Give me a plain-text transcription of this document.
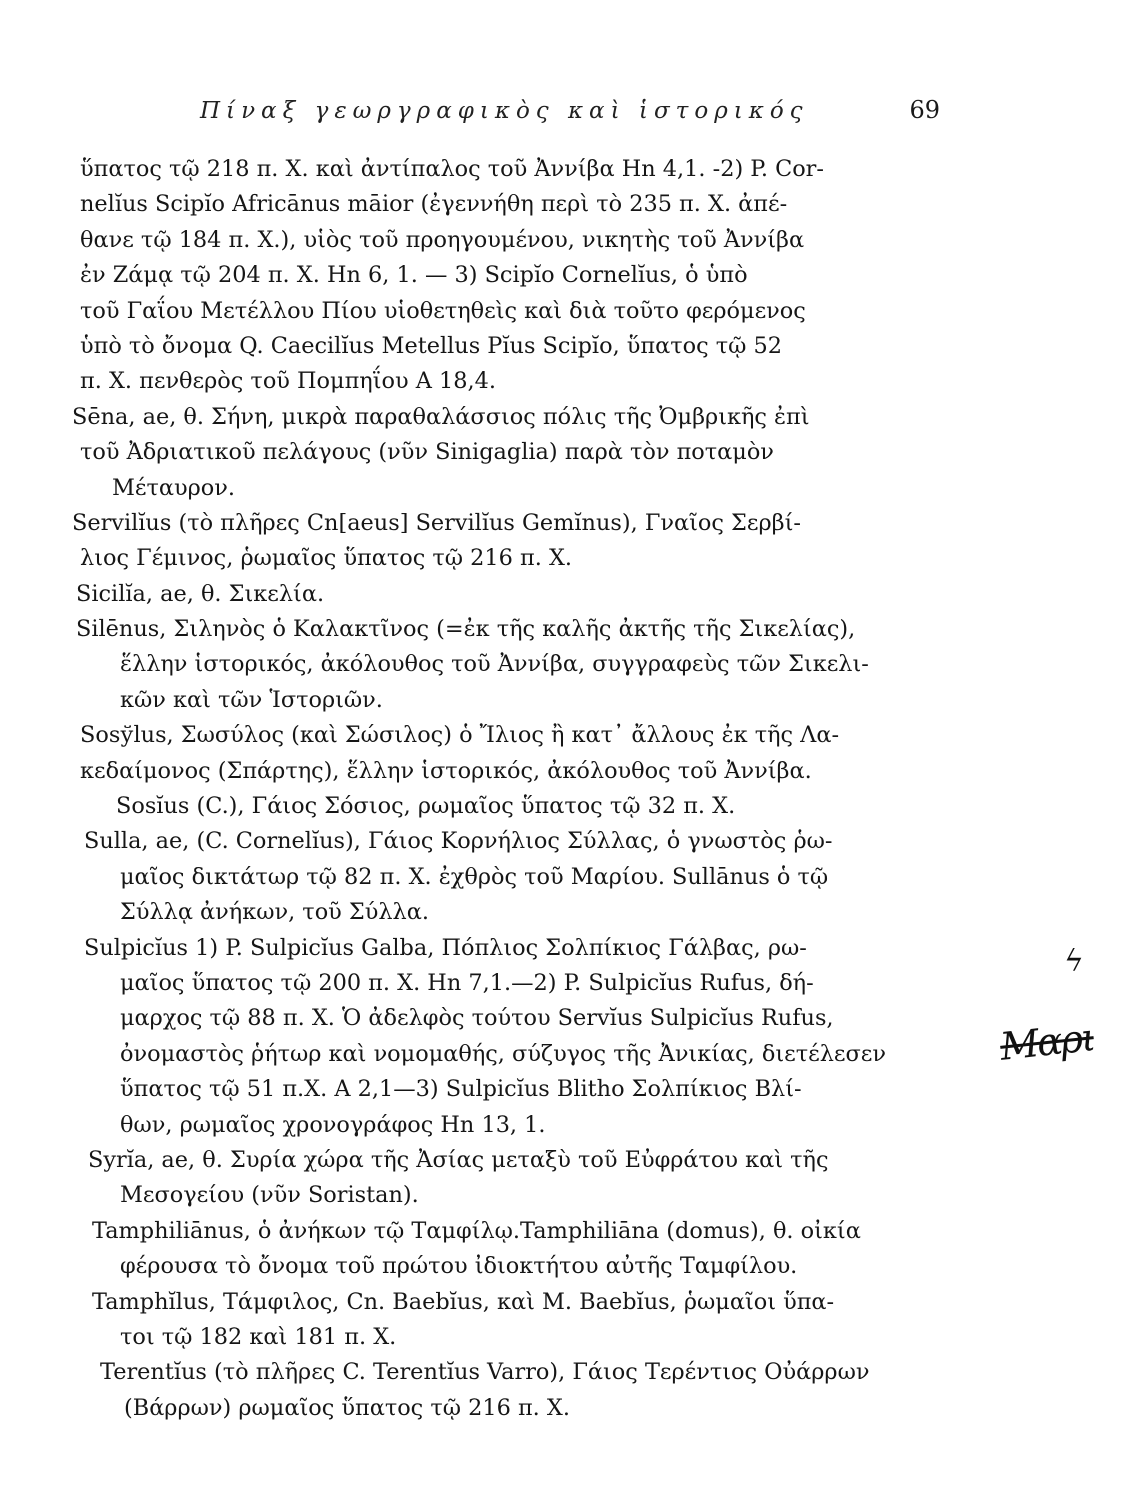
Πίναξ γεωργραφικὸς καὶ ἱστορικός	69
ὕπατος τῷ 218 π. Χ. καὶ ἀντίπαλος τοῦ Ἀννίβα Hn 4,1. -2) P. Cor-
nelĭus Scipĭo Africānus māior (ἐγεννήθη περὶ τὸ 235 π. Χ. ἀπέ-
θανε τῷ 184 π. Χ.), υἱὸς τοῦ προηγουμένου, νικητὴς τοῦ Ἀννίβα
ἐν Ζάμᾳ τῷ 204 π. Χ. Hn 6, 1. — 3) Scipĭo Cornelĭus, ὁ ὑπὸ
τοῦ Γαΐου Μετέλλου Πίου υἱοθετηθεὶς καὶ διὰ τοῦτο φερόμενος
ὑπὸ τὸ ὄνομα Q. Caecilĭus Metellus Pĭus Scipĭo, ὕπατος τῷ 52
π. Χ. πενθερὸς τοῦ Πομπηΐου A 18,4.
Sēna, ae, θ. Σήνη, μικρὰ παραθαλάσσιος πόλις τῆς Ὀμβρικῆς ἐπὶ
τοῦ Ἀδριατικοῦ πελάγους (νῦν Sinigaglia) παρὰ τὸν ποταμὸν
Μέταυρον.
Servilĭus (τὸ πλῆρες Cn[aeus] Servilĭus Gemĭnus), Γναῖος Σερβί-
λιος Γέμινος, ῥωμαῖος ὕπατος τῷ 216 π. Χ.
Sicilĭa, ae, θ. Σικελία.
Silēnus, Σιληνὸς ὁ Καλακτῖνος (=ἐκ τῆς καλῆς ἀκτῆς τῆς Σικελίας),
ἕλλην ἱστορικός, ἀκόλουθος τοῦ Ἀννίβα, συγγραφεὺς τῶν Σικελι-
κῶν καὶ τῶν Ἱστοριῶν.
Sosўlus, Σωσύλος (καὶ Σώσιλος) ὁ Ἴλιος ἢ κατ᾽ ἄλλους ἐκ τῆς Λα-
κεδαίμονος (Σπάρτης), ἕλλην ἱστορικός, ἀκόλουθος τοῦ Ἀννίβα.
Sosĭus (C.), Γάιος Σόσιος, ρωμαῖος ὕπατος τῷ 32 π. Χ.
Sulla, ae, (C. Cornelĭus), Γάιος Κορνήλιος Σύλλας, ὁ γνωστὸς ῥω-
μαῖος δικτάτωρ τῷ 82 π. Χ. ἐχθρὸς τοῦ Μαρίου. Sullānus ὁ τῷ
Σύλλᾳ ἀνήκων, τοῦ Σύλλα.
Sulpicĭus 1) P. Sulpicĭus Galba, Πόπλιος Σολπίκιος Γάλβας, ρω-
μαῖος ὕπατος τῷ 200 π. Χ. Hn 7,1.—2) P. Sulpicĭus Rufus, δή-
μαρχος τῷ 88 π. Χ. Ὁ ἀδελφὸς τούτου Servĭus Sulpicĭus Rufus,
ὀνομαστὸς ῥήτωρ καὶ νομομαθής, σύζυγος τῆς Ἀνικίας, διετέλεσεν
ὕπατος τῷ 51 π.Χ. A 2,1—3) Sulpicĭus Blitho Σολπίκιος Βλί-
θων, ρωμαῖος χρονογράφος Hn 13, 1.
Syrĭa, ae, θ. Συρία χώρα τῆς Ἀσίας μεταξὺ τοῦ Εὐφράτου καὶ τῆς
Μεσογείου (νῦν Soristan).
Tamphiliānus, ὁ ἀνήκων τῷ Ταμφίλῳ.Tamphiliāna (domus), θ. οἰκία
φέρουσα τὸ ὄνομα τοῦ πρώτου ἰδιοκτήτου αὐτῆς Ταμφίλου.
Tamphĭlus, Τάμφιλος, Cn. Baebĭus, καὶ M. Baebĭus, ῥωμαῖοι ὕπα-
τοι τῷ 182 καὶ 181 π. Χ.
Terentĭus (τὸ πλῆρες C. Terentĭus Varro), Γάιος Τερέντιος Οὐάρρων
(Βάρρων) ρωμαῖος ὕπατος τῷ 216 π. Χ.
ϟ
Μαρι
